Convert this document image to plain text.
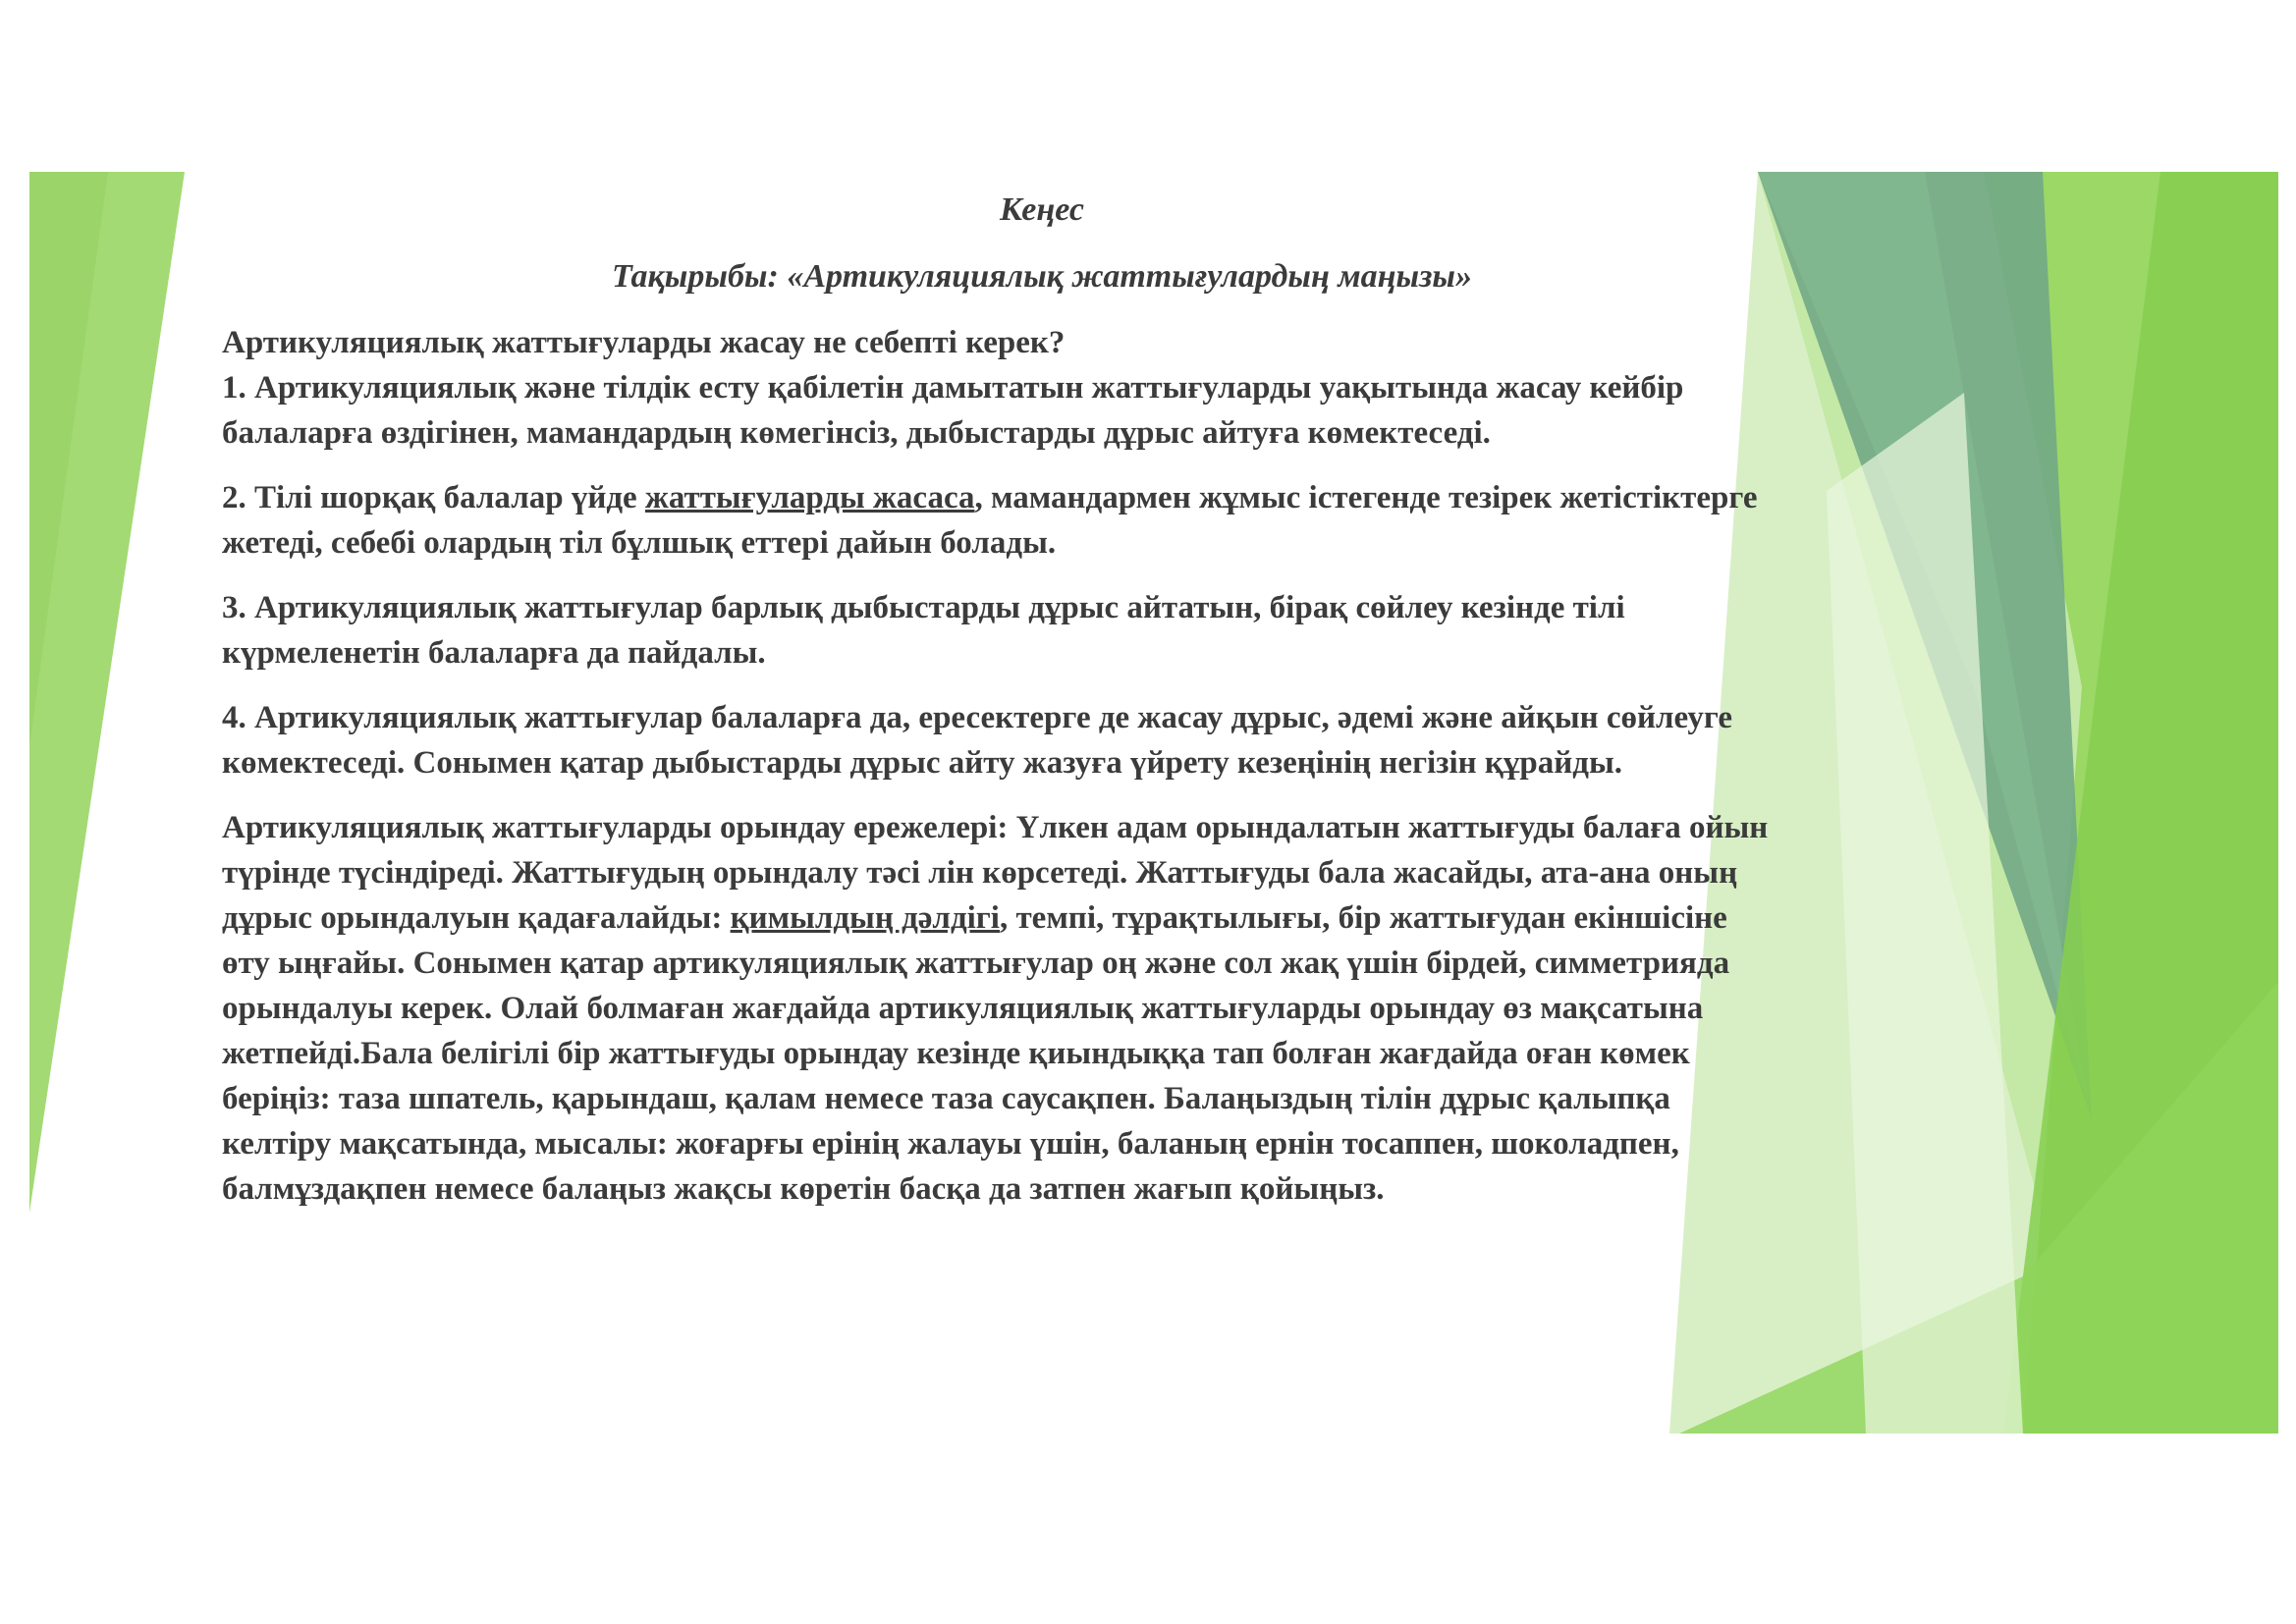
Кеңес
Тақырыбы: «Артикуляциялық жаттығулардың маңызы»

Артикуляциялық жаттығуларды жасау не себепті керек?
1. Артикуляциялық және тілдік есту қабілетін дамытатын жаттығуларды уақытында жасау кейбір балаларға өздігінен, мамандардың көмегінсіз, дыбыстарды дұрыс айтуға көмектеседі.

2. Тілі шорқақ балалар үйде жаттығуларды жасаса, мамандармен жұмыс істегенде тезірек жетістіктерге жетеді, себебі олардың тіл бұлшық еттері дайын болады.

3. Артикуляциялық жаттығулар барлық дыбыстарды дұрыс айтатын, бірақ сөйлеу кезінде тілі күрмеленетін балаларға да пайдалы.

4. Артикуляциялық жаттығулар балаларға да, ересектерге де жасау дұрыс, әдемі және айқын сөйлеуге көмектеседі. Сонымен қатар дыбыстарды дұрыс айту жазуға үйрету кезеңінің негізін құрайды.

Артикуляциялық жаттығуларды орындау ережелері: Үлкен адам орындалатын жаттығуды балаға ойын түрінде түсіндіреді. Жаттығудың орындалу тәсі лін көрсетеді. Жаттығуды бала жасайды, ата-ана оның дұрыс орындалуын қадағалайды: қимылдың дәлдігі, темпі, тұрақтылығы, бір жаттығудан екіншісіне өту ыңғайы. Сонымен қатар артикуляциялық жаттығулар оң және сол жақ үшін бірдей, симметрияда орындалуы керек. Олай болмаған жағдайда артикуляциялық жаттығуларды орындау өз мақсатына жетпейді.Бала белігілі бір жаттығуды орындау кезінде қиындыққа тап болған жағдайда оған көмек беріңіз: таза шпатель, қарындаш, қалам немесе таза саусақпен. Балаңыздың тілін дұрыс қалыпқа келтіру мақсатында, мысалы: жоғарғы ерінің жалауы үшін, баланың ернін тосаппен, шоколадпен, балмұздақпен немесе балаңыз жақсы көретін басқа да затпен жағып қойыңыз.
